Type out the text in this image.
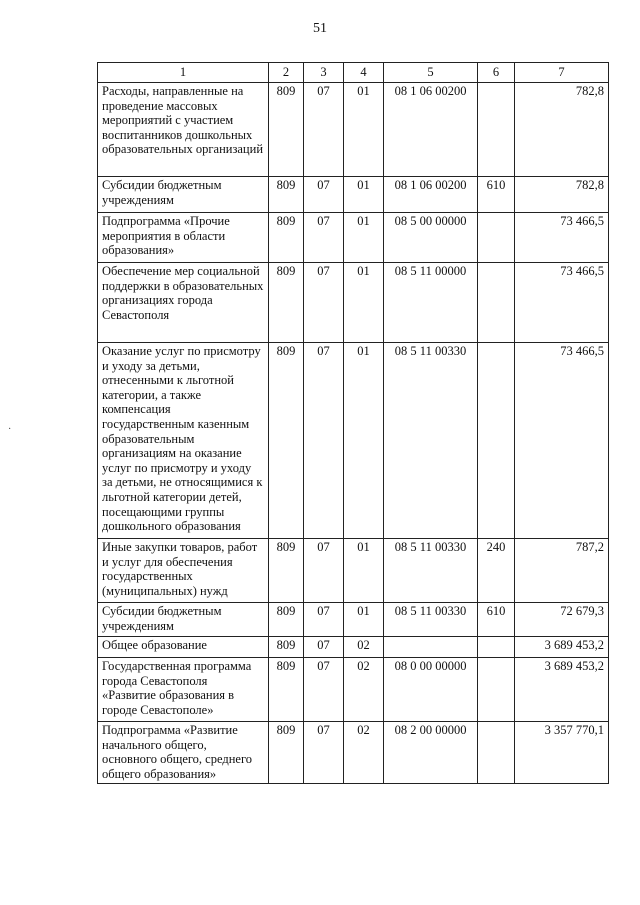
51
1	2	3	4	5	6	7
Расходы, направленные на проведение массовых мероприятий с участием воспитанников дошкольных образовательных организаций	809	07	01	08 1 06 00200		782,8
Субсидии бюджетным учреждениям	809	07	01	08 1 06 00200	610	782,8
Подпрограмма «Прочие мероприятия в области образования»	809	07	01	08 5 00 00000		73 466,5
Обеспечение мер социальной поддержки в образовательных организациях города Севастополя	809	07	01	08 5 11 00000		73 466,5
Оказание услуг по присмотру и уходу за детьми, отнесенными к льготной категории, а также компенсация государственным казенным образовательным организациям на оказание услуг по присмотру и уходу за детьми, не относящимися к льготной категории детей, посещающими группы дошкольного образования	809	07	01	08 5 11 00330		73 466,5
Иные закупки товаров, работ и услуг для обеспечения государственных (муниципальных) нужд	809	07	01	08 5 11 00330	240	787,2
Субсидии бюджетным учреждениям	809	07	01	08 5 11 00330	610	72 679,3
Общее образование	809	07	02			3 689 453,2
Государственная программа города Севастополя «Развитие образования в городе Севастополе»	809	07	02	08 0 00 00000		3 689 453,2
Подпрограмма «Развитие начального общего, основного общего, среднего общего образования»	809	07	02	08 2 00 00000		3 357 770,1
·
